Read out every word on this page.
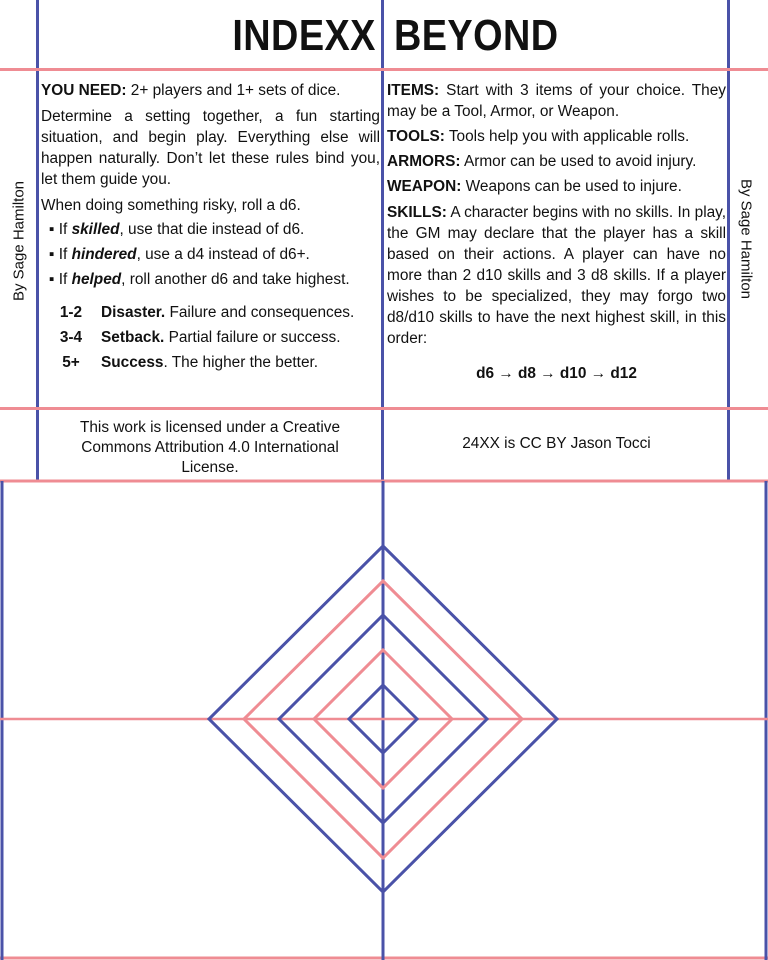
INDEXX BEYOND
By Sage Hamilton	By Sage Hamilton

YOU NEED: 2+ players and 1+ sets of dice.

Determine a setting together, a fun starting situation, and begin play. Everything else will happen naturally. Don’t let these rules bind you, let them guide you.

When doing something risky, roll a d6.

▪ If skilled, use that die instead of d6.
▪ If hindered, use a d4 instead of d6+.
▪ If helped, roll another d6 and take highest.
1-2	Disaster. Failure and consequences.
3-4	Setback. Partial failure or success.
5+	Success. The higher the better.

ITEMS: Start with 3 items of your choice. They may be a Tool, Armor, or Weapon.

TOOLS: Tools help you with applicable rolls.

ARMORS: Armor can be used to avoid injury.

WEAPON: Weapons can be used to injure.

SKILLS: A character begins with no skills. In play, the GM may declare that the player has a skill based on their actions. A player can have no more than 2 d10 skills and 3 d8 skills. If a player wishes to be specialized, they may forgo two d8/d10 skills to have the next highest skill, in this order:

d6 → d8 → d10 → d12
This work is licensed under a Creative Commons Attribution 4.0 International License.
24XX is CC BY Jason Tocci
